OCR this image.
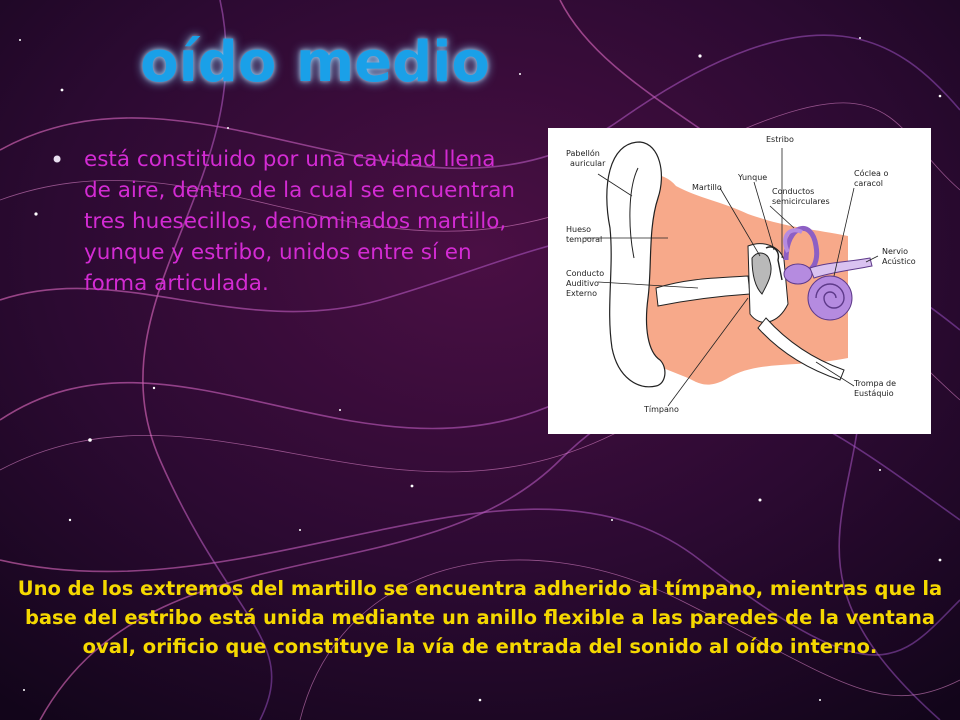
oído medio
• está constituido por una cavidad llena de aire, dentro de la cual se encuentran tres huesecillos, denominados martillo, yunque y estribo, unidos entre sí en forma articulada.
Pabellón auricular
Hueso temporal
Conducto Auditivo Externo
Estribo
Yunque
Martillo	Conductos semicirculares
Cóclea o caracol
Nervio Acústico
Trompa de Eustáquio
Tímpano
Uno de los extremos del martillo se encuentra adherido al tímpano, mientras que la base del estribo está unida mediante un anillo flexible a las paredes de la ventana oval, orificio que constituye la vía de entrada del sonido al oído interno.
